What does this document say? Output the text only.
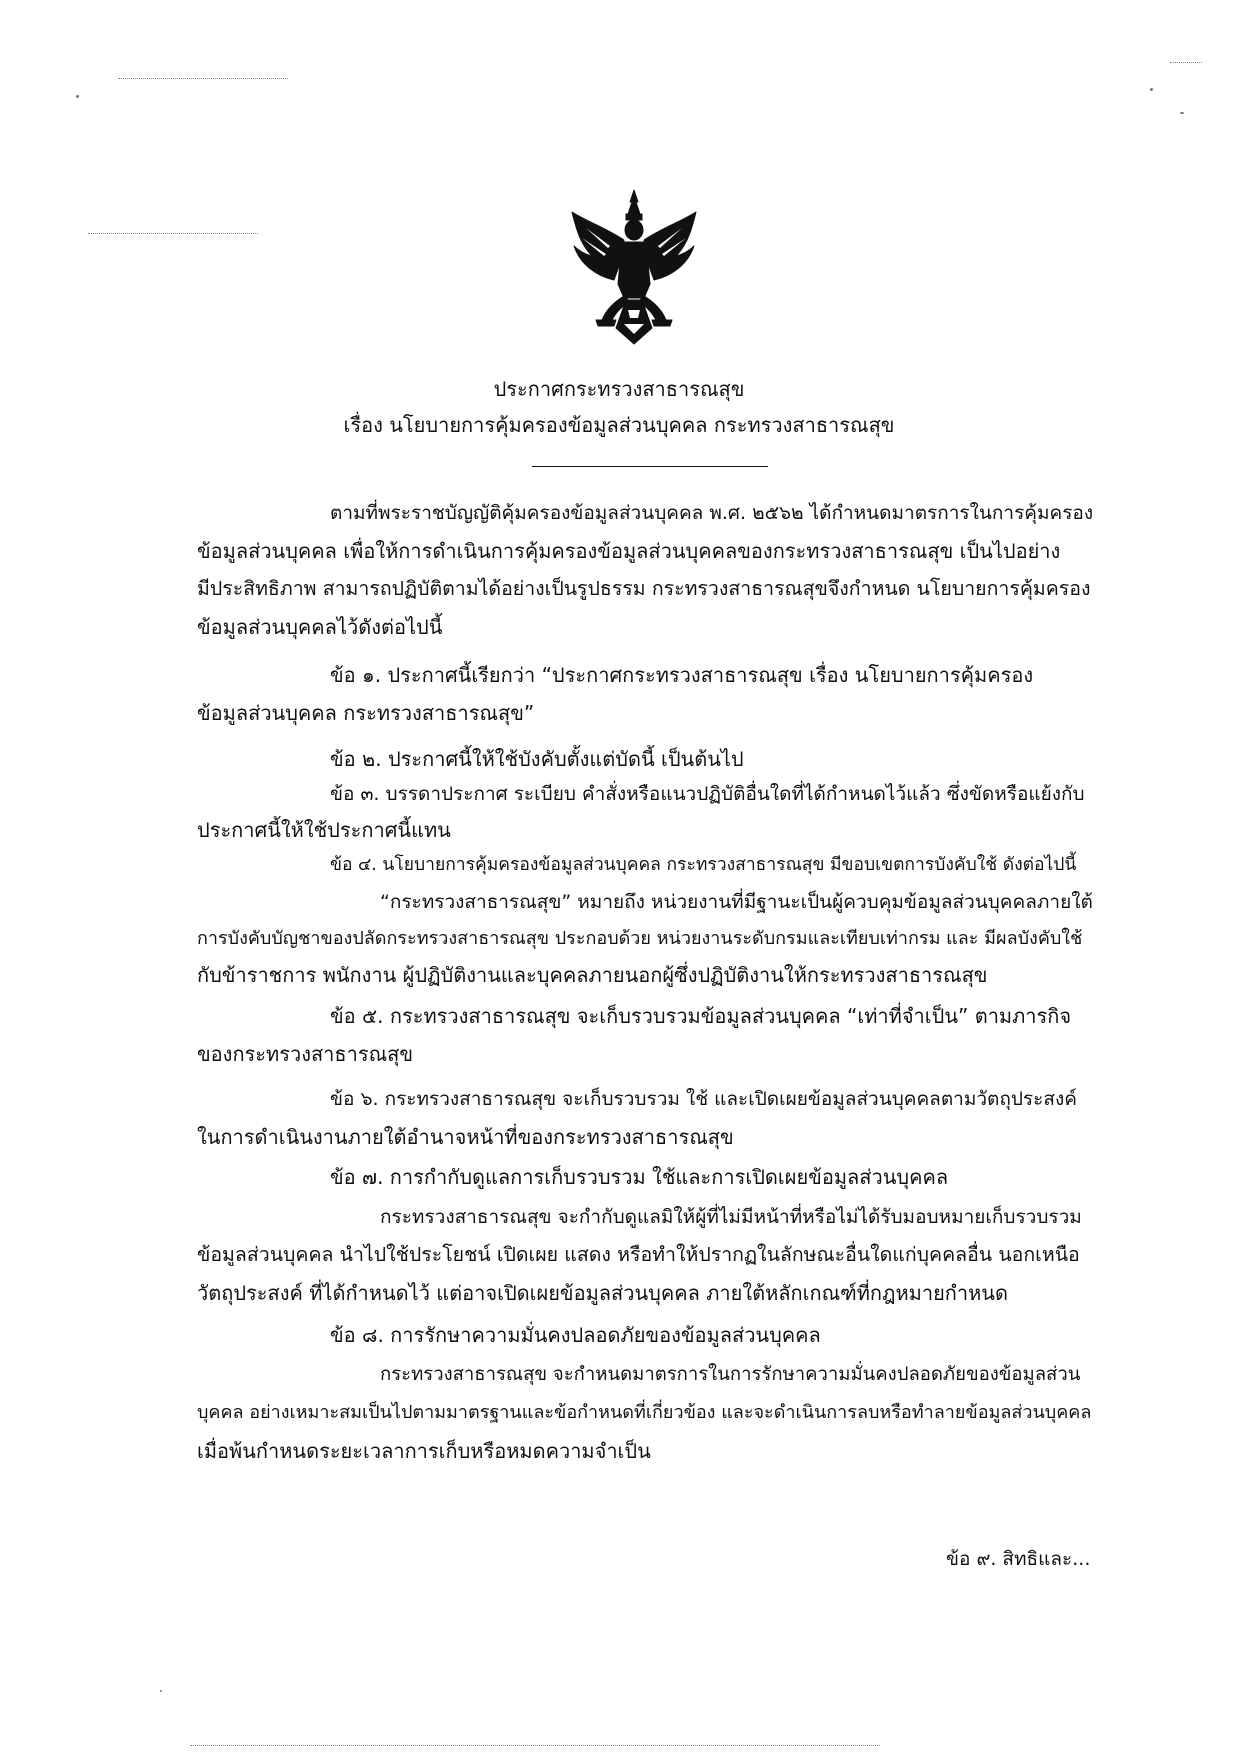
ประกาศกระทรวงสาธารณสุข
เรื่อง นโยบายการคุ้มครองข้อมูลส่วนบุคคล กระทรวงสาธารณสุข
ตามที่พระราชบัญญัติคุ้มครองข้อมูลส่วนบุคคล พ.ศ. ๒๕๖๒ ได้กำหนดมาตรการในการคุ้มครอง
ข้อมูลส่วนบุคคล เพื่อให้การดำเนินการคุ้มครองข้อมูลส่วนบุคคลของกระทรวงสาธารณสุข เป็นไปอย่าง
มีประสิทธิภาพ สามารถปฏิบัติตามได้อย่างเป็นรูปธรรม กระทรวงสาธารณสุขจึงกำหนด นโยบายการคุ้มครอง
ข้อมูลส่วนบุคคลไว้ดังต่อไปนี้
ข้อ ๑. ประกาศนี้เรียกว่า “ประกาศกระทรวงสาธารณสุข เรื่อง นโยบายการคุ้มครอง
ข้อมูลส่วนบุคคล กระทรวงสาธารณสุข”
ข้อ ๒. ประกาศนี้ให้ใช้บังคับตั้งแต่บัดนี้ เป็นต้นไป
ข้อ ๓. บรรดาประกาศ ระเบียบ คำสั่งหรือแนวปฏิบัติอื่นใดที่ได้กำหนดไว้แล้ว ซึ่งขัดหรือแย้งกับ
ประกาศนี้ให้ใช้ประกาศนี้แทน
ข้อ ๔. นโยบายการคุ้มครองข้อมูลส่วนบุคคล กระทรวงสาธารณสุข มีขอบเขตการบังคับใช้ ดังต่อไปนี้
“กระทรวงสาธารณสุข” หมายถึง หน่วยงานที่มีฐานะเป็นผู้ควบคุมข้อมูลส่วนบุคคลภายใต้
การบังคับบัญชาของปลัดกระทรวงสาธารณสุข ประกอบด้วย หน่วยงานระดับกรมและเทียบเท่ากรม และ มีผลบังคับใช้
กับข้าราชการ พนักงาน ผู้ปฏิบัติงานและบุคคลภายนอกผู้ซึ่งปฏิบัติงานให้กระทรวงสาธารณสุข
ข้อ ๕. กระทรวงสาธารณสุข จะเก็บรวบรวมข้อมูลส่วนบุคคล “เท่าที่จำเป็น” ตามภารกิจ
ของกระทรวงสาธารณสุข
ข้อ ๖. กระทรวงสาธารณสุข จะเก็บรวบรวม ใช้ และเปิดเผยข้อมูลส่วนบุคคลตามวัตถุประสงค์
ในการดำเนินงานภายใต้อำนาจหน้าที่ของกระทรวงสาธารณสุข
ข้อ ๗. การกำกับดูแลการเก็บรวบรวม ใช้และการเปิดเผยข้อมูลส่วนบุคคล
กระทรวงสาธารณสุข จะกำกับดูแลมิให้ผู้ที่ไม่มีหน้าที่หรือไม่ได้รับมอบหมายเก็บรวบรวม
ข้อมูลส่วนบุคคล นำไปใช้ประโยชน์ เปิดเผย แสดง หรือทำให้ปรากฏในลักษณะอื่นใดแก่บุคคลอื่น นอกเหนือ
วัตถุประสงค์ ที่ได้กำหนดไว้ แต่อาจเปิดเผยข้อมูลส่วนบุคคล ภายใต้หลักเกณฑ์ที่กฎหมายกำหนด
ข้อ ๘. การรักษาความมั่นคงปลอดภัยของข้อมูลส่วนบุคคล
กระทรวงสาธารณสุข จะกำหนดมาตรการในการรักษาความมั่นคงปลอดภัยของข้อมูลส่วน
บุคคล อย่างเหมาะสมเป็นไปตามมาตรฐานและข้อกำหนดที่เกี่ยวข้อง และจะดำเนินการลบหรือทำลายข้อมูลส่วนบุคคล
เมื่อพ้นกำหนดระยะเวลาการเก็บหรือหมดความจำเป็น
ข้อ ๙. สิทธิและ...
